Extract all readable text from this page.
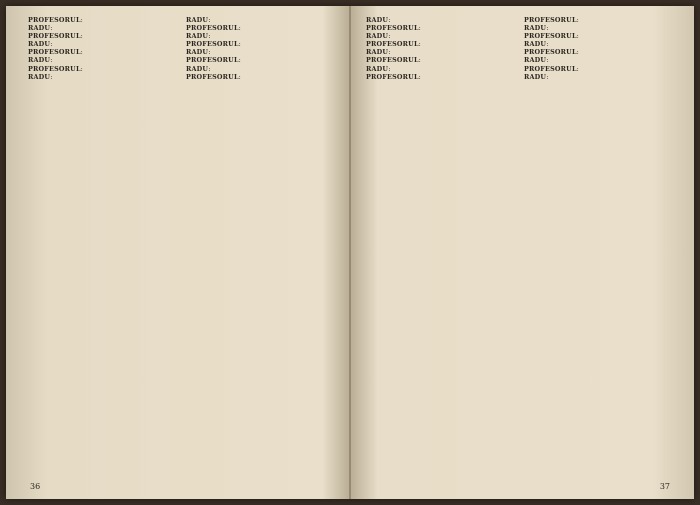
PROFESORUL:

RADU:

PROFESORUL:

RADU:

PROFESORUL:

RADU:

PROFESORUL:

RADU:

RADU:

PROFESORUL:

RADU:

PROFESORUL:

RADU:

PROFESORUL:

RADU:

PROFESORUL:

36

RADU:

PROFESORUL:

RADU:

PROFESORUL:

RADU:

PROFESORUL:

RADU:

PROFESORUL:

PROFESORUL:

RADU:

PROFESORUL:

RADU:

PROFESORUL:

RADU:

PROFESORUL:

RADU:

37
